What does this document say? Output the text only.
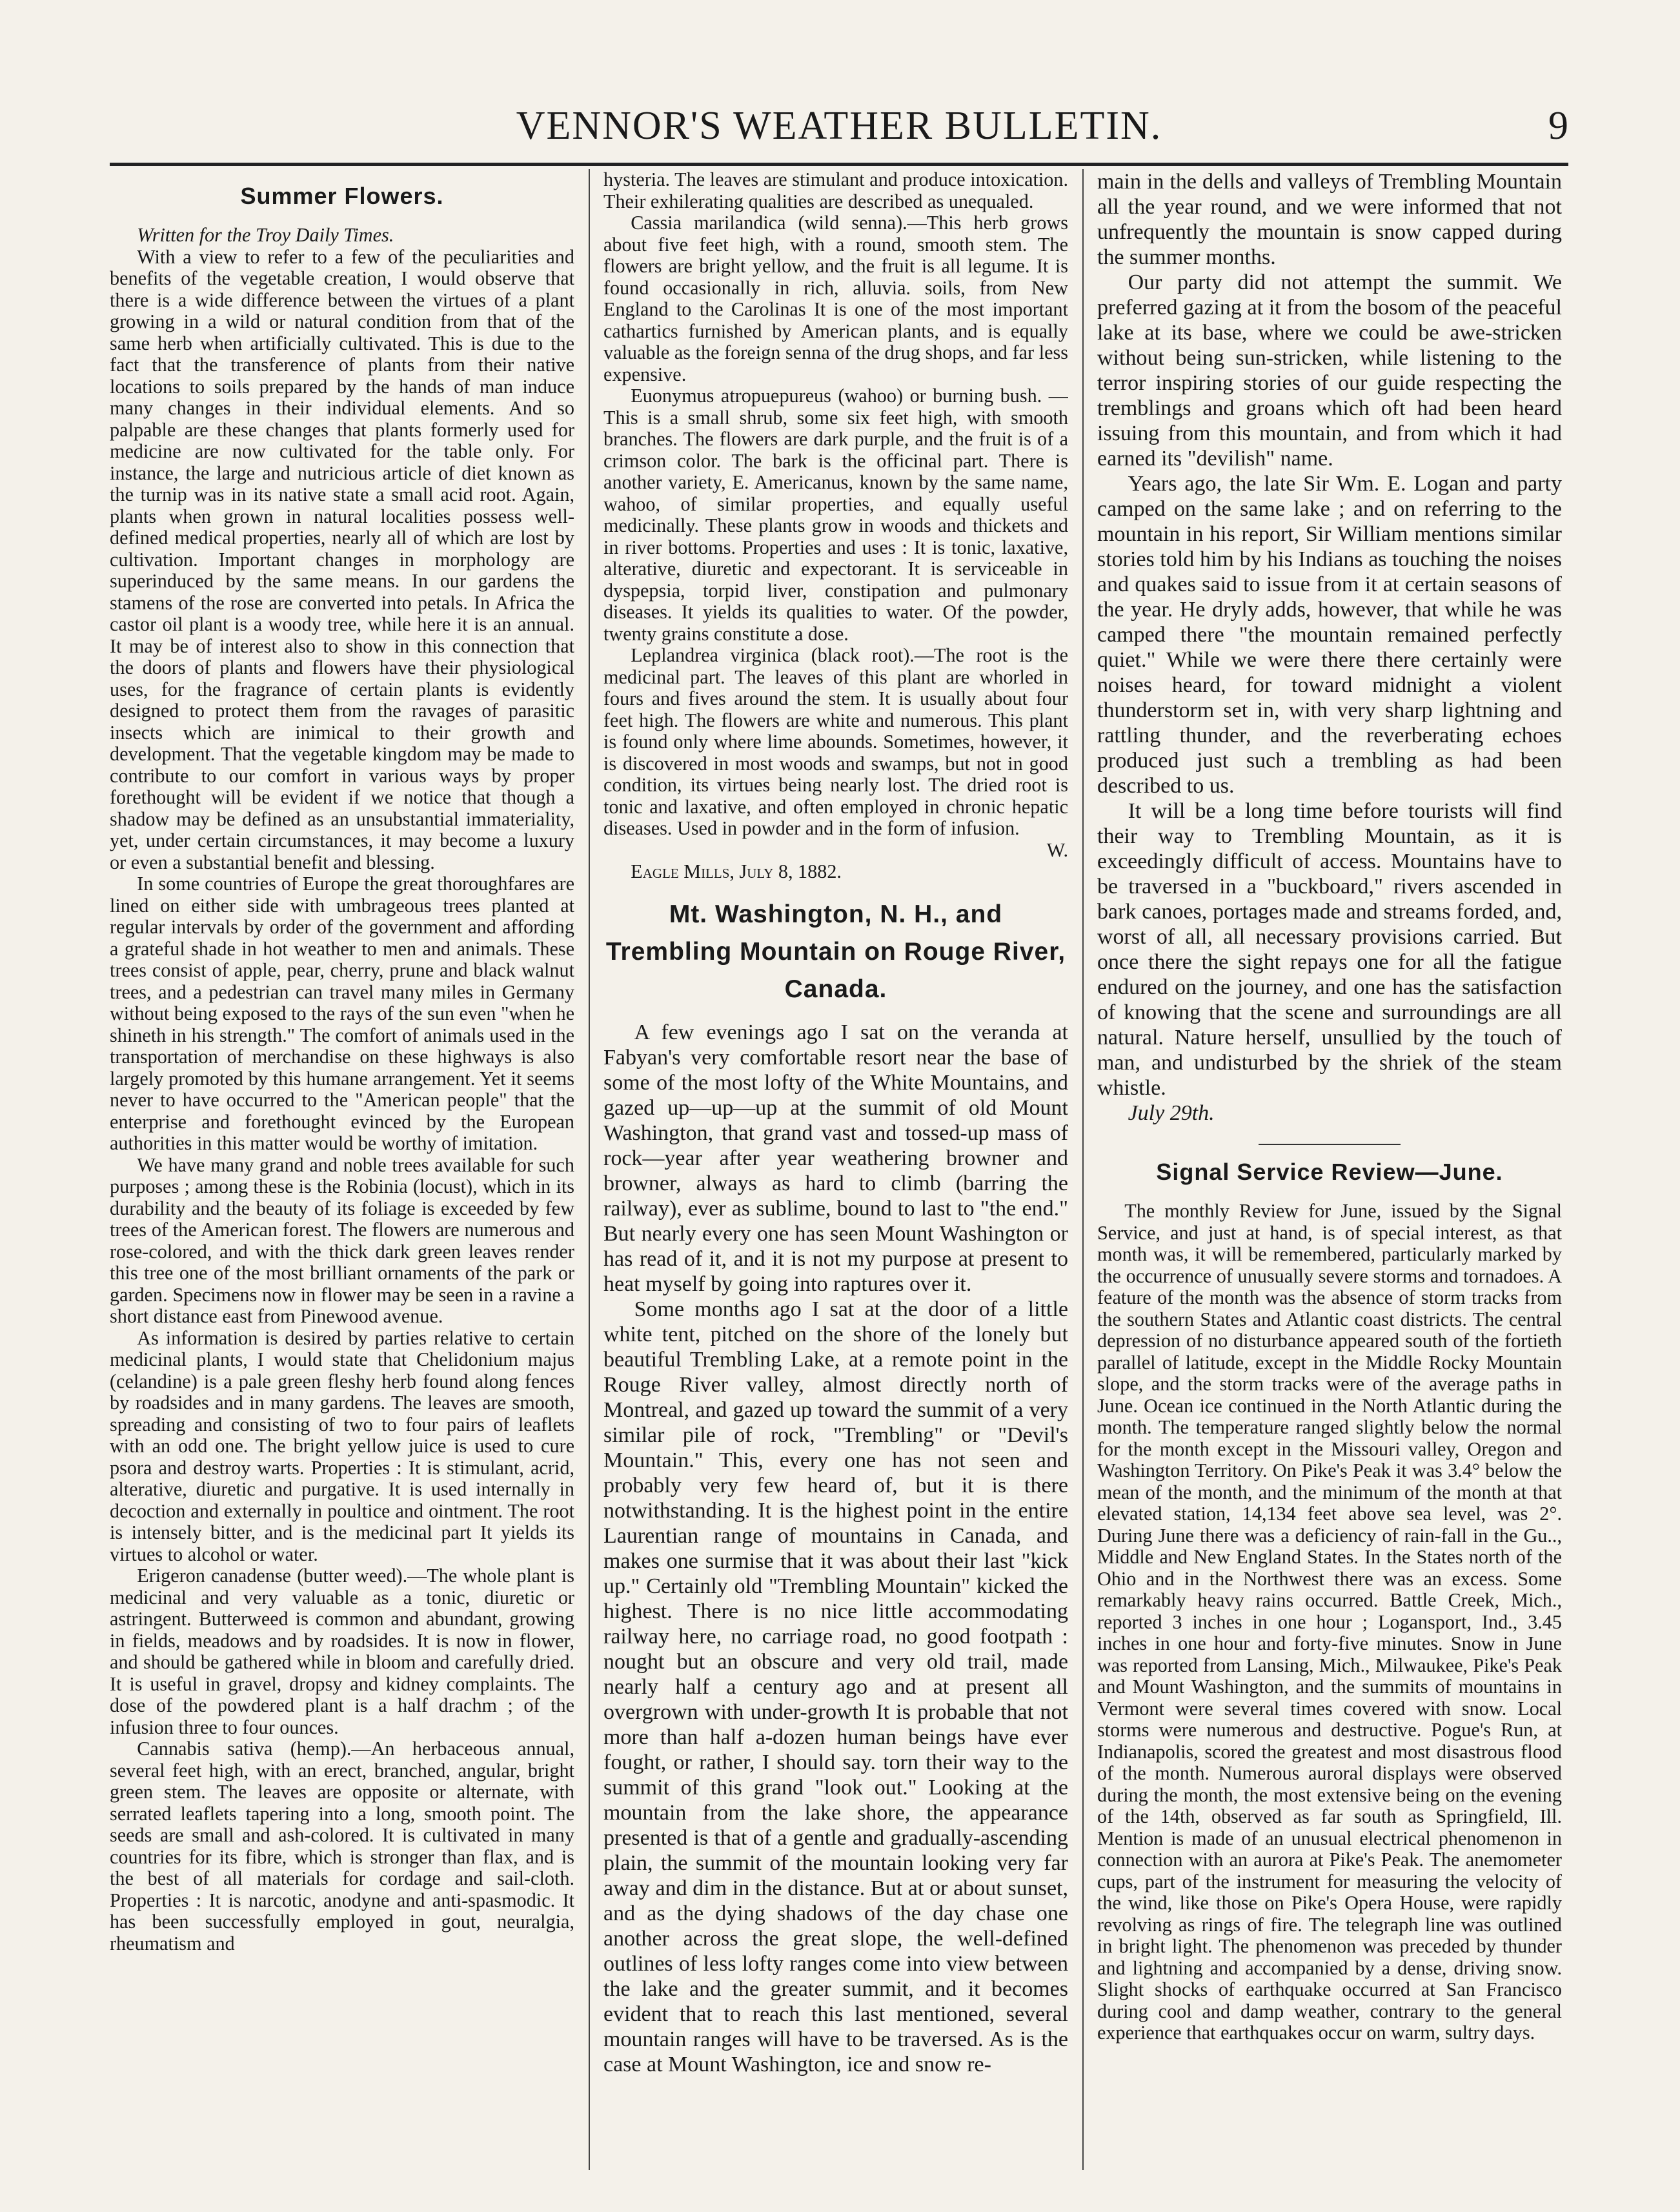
VENNOR'S WEATHER BULLETIN.	9
Summer Flowers.

Written for the Troy Daily Times.

With a view to refer to a few of the peculiarities and benefits of the vegetable creation, I would observe that there is a wide difference between the virtues of a plant growing in a wild or natural condition from that of the same herb when artificially cultivated. This is due to the fact that the transference of plants from their native locations to soils prepared by the hands of man induce many changes in their individual elements. And so palpable are these changes that plants formerly used for medicine are now cultivated for the table only. For instance, the large and nutricious article of diet known as the turnip was in its native state a small acid root. Again, plants when grown in natural localities possess well-defined medical properties, nearly all of which are lost by cultivation. Important changes in morphology are superinduced by the same means. In our gardens the stamens of the rose are converted into petals. In Africa the castor oil plant is a woody tree, while here it is an annual. It may be of interest also to show in this connection that the doors of plants and flowers have their physiological uses, for the fragrance of certain plants is evidently designed to protect them from the ravages of parasitic insects which are inimical to their growth and development. That the vegetable kingdom may be made to contribute to our comfort in various ways by proper forethought will be evident if we notice that though a shadow may be defined as an unsubstantial immateriality, yet, under certain circumstances, it may become a luxury or even a substantial benefit and blessing.

In some countries of Europe the great thoroughfares are lined on either side with umbrageous trees planted at regular intervals by order of the government and affording a grateful shade in hot weather to men and animals. These trees consist of apple, pear, cherry, prune and black walnut trees, and a pedestrian can travel many miles in Germany without being exposed to the rays of the sun even "when he shineth in his strength." The comfort of animals used in the transportation of merchandise on these highways is also largely promoted by this humane arrangement. Yet it seems never to have occurred to the "American people" that the enterprise and forethought evinced by the European authorities in this matter would be worthy of imitation.

We have many grand and noble trees available for such purposes ; among these is the Robinia (locust), which in its durability and the beauty of its foliage is exceeded by few trees of the American forest. The flowers are numerous and rose-colored, and with the thick dark green leaves render this tree one of the most brilliant ornaments of the park or garden. Specimens now in flower may be seen in a ravine a short distance east from Pinewood avenue.

As information is desired by parties relative to certain medicinal plants, I would state that Chelidonium majus (celandine) is a pale green fleshy herb found along fences by roadsides and in many gardens. The leaves are smooth, spreading and consisting of two to four pairs of leaflets with an odd one. The bright yellow juice is used to cure psora and destroy warts. Properties : It is stimulant, acrid, alterative, diuretic and purgative. It is used internally in decoction and externally in poultice and ointment. The root is intensely bitter, and is the medicinal part It yields its virtues to alcohol or water.

Erigeron canadense (butter weed).—The whole plant is medicinal and very valuable as a tonic, diuretic or astringent. Butterweed is common and abundant, growing in fields, meadows and by roadsides. It is now in flower, and should be gathered while in bloom and carefully dried. It is useful in gravel, dropsy and kidney complaints. The dose of the powdered plant is a half drachm ; of the infusion three to four ounces.

Cannabis sativa (hemp).—An herbaceous annual, several feet high, with an erect, branched, angular, bright green stem. The leaves are opposite or alternate, with serrated leaflets tapering into a long, smooth point. The seeds are small and ash-colored. It is cultivated in many countries for its fibre, which is stronger than flax, and is the best of all materials for cordage and sail-cloth. Properties : It is narcotic, anodyne and anti-spasmodic. It has been successfully employed in gout, neuralgia, rheumatism and

hysteria. The leaves are stimulant and produce intoxication. Their exhilerating qualities are described as unequaled.

Cassia marilandica (wild senna).—This herb grows about five feet high, with a round, smooth stem. The flowers are bright yellow, and the fruit is all legume. It is found occasionally in rich, alluvia. soils, from New England to the Carolinas It is one of the most important cathartics furnished by American plants, and is equally valuable as the foreign senna of the drug shops, and far less expensive.

Euonymus atropuepureus (wahoo) or burning bush. —This is a small shrub, some six feet high, with smooth branches. The flowers are dark purple, and the fruit is of a crimson color. The bark is the officinal part. There is another variety, E. Americanus, known by the same name, wahoo, of similar properties, and equally useful medicinally. These plants grow in woods and thickets and in river bottoms. Properties and uses : It is tonic, laxative, alterative, diuretic and expectorant. It is serviceable in dyspepsia, torpid liver, constipation and pulmonary diseases. It yields its qualities to water. Of the powder, twenty grains constitute a dose.

Leplandrea virginica (black root).—The root is the medicinal part. The leaves of this plant are whorled in fours and fives around the stem. It is usually about four feet high. The flowers are white and numerous. This plant is found only where lime abounds. Sometimes, however, it is discovered in most woods and swamps, but not in good condition, its virtues being nearly lost. The dried root is tonic and laxative, and often employed in chronic hepatic diseases. Used in powder and in the form of infusion.

W.

Eagle Mills, July 8, 1882.

Mt. Washington, N. H., and Trembling Mountain on Rouge River, Canada.

A few evenings ago I sat on the veranda at Fabyan's very comfortable resort near the base of some of the most lofty of the White Mountains, and gazed up—up—up at the summit of old Mount Washington, that grand vast and tossed-up mass of rock—year after year weathering browner and browner, always as hard to climb (barring the railway), ever as sublime, bound to last to "the end." But nearly every one has seen Mount Washington or has read of it, and it is not my purpose at present to heat myself by going into raptures over it.

Some months ago I sat at the door of a little white tent, pitched on the shore of the lonely but beautiful Trembling Lake, at a remote point in the Rouge River valley, almost directly north of Montreal, and gazed up toward the summit of a very similar pile of rock, "Trembling" or "Devil's Mountain." This, every one has not seen and probably very few heard of, but it is there notwithstanding. It is the highest point in the entire Laurentian range of mountains in Canada, and makes one surmise that it was about their last "kick up." Certainly old "Trembling Mountain" kicked the highest. There is no nice little accommodating railway here, no carriage road, no good footpath : nought but an obscure and very old trail, made nearly half a century ago and at present all overgrown with under-growth It is probable that not more than half a-dozen human beings have ever fought, or rather, I should say. torn their way to the summit of this grand "look out." Looking at the mountain from the lake shore, the appearance presented is that of a gentle and gradually-ascending plain, the summit of the mountain looking very far away and dim in the distance. But at or about sunset, and as the dying shadows of the day chase one another across the great slope, the well-defined outlines of less lofty ranges come into view between the lake and the greater summit, and it becomes evident that to reach this last mentioned, several mountain ranges will have to be traversed. As is the case at Mount Washington, ice and snow re-

main in the dells and valleys of Trembling Mountain all the year round, and we were informed that not unfrequently the mountain is snow capped during the summer months.

Our party did not attempt the summit. We preferred gazing at it from the bosom of the peaceful lake at its base, where we could be awe-stricken without being sun-stricken, while listening to the terror inspiring stories of our guide respecting the tremblings and groans which oft had been heard issuing from this mountain, and from which it had earned its "devilish" name.

Years ago, the late Sir Wm. E. Logan and party camped on the same lake ; and on referring to the mountain in his report, Sir William mentions similar stories told him by his Indians as touching the noises and quakes said to issue from it at certain seasons of the year. He dryly adds, however, that while he was camped there "the mountain remained perfectly quiet." While we were there there certainly were noises heard, for toward midnight a violent thunderstorm set in, with very sharp lightning and rattling thunder, and the reverberating echoes produced just such a trembling as had been described to us.

It will be a long time before tourists will find their way to Trembling Mountain, as it is exceedingly difficult of access. Mountains have to be traversed in a "buckboard," rivers ascended in bark canoes, portages made and streams forded, and, worst of all, all necessary provisions carried. But once there the sight repays one for all the fatigue endured on the journey, and one has the satisfaction of knowing that the scene and surroundings are all natural. Nature herself, unsullied by the touch of man, and undisturbed by the shriek of the steam whistle.

July 29th.

Signal Service Review—June.

The monthly Review for June, issued by the Signal Service, and just at hand, is of special interest, as that month was, it will be remembered, particularly marked by the occurrence of unusually severe storms and tornadoes. A feature of the month was the absence of storm tracks from the southern States and Atlantic coast districts. The central depression of no disturbance appeared south of the fortieth parallel of latitude, except in the Middle Rocky Mountain slope, and the storm tracks were of the average paths in June. Ocean ice continued in the North Atlantic during the month. The temperature ranged slightly below the normal for the month except in the Missouri valley, Oregon and Washington Territory. On Pike's Peak it was 3.4° below the mean of the month, and the minimum of the month at that elevated station, 14,134 feet above sea level, was 2°. During June there was a deficiency of rain-fall in the Gu.., Middle and New England States. In the States north of the Ohio and in the Northwest there was an excess. Some remarkably heavy rains occurred. Battle Creek, Mich., reported 3 inches in one hour ; Logansport, Ind., 3.45 inches in one hour and forty-five minutes. Snow in June was reported from Lansing, Mich., Milwaukee, Pike's Peak and Mount Washington, and the summits of mountains in Vermont were several times covered with snow. Local storms were numerous and destructive. Pogue's Run, at Indianapolis, scored the greatest and most disastrous flood of the month. Numerous auroral displays were observed during the month, the most extensive being on the evening of the 14th, observed as far south as Springfield, Ill. Mention is made of an unusual electrical phenomenon in connection with an aurora at Pike's Peak. The anemometer cups, part of the instrument for measuring the velocity of the wind, like those on Pike's Opera House, were rapidly revolving as rings of fire. The telegraph line was outlined in bright light. The phenomenon was preceded by thunder and lightning and accompanied by a dense, driving snow. Slight shocks of earthquake occurred at San Francisco during cool and damp weather, contrary to the general experience that earthquakes occur on warm, sultry days.
